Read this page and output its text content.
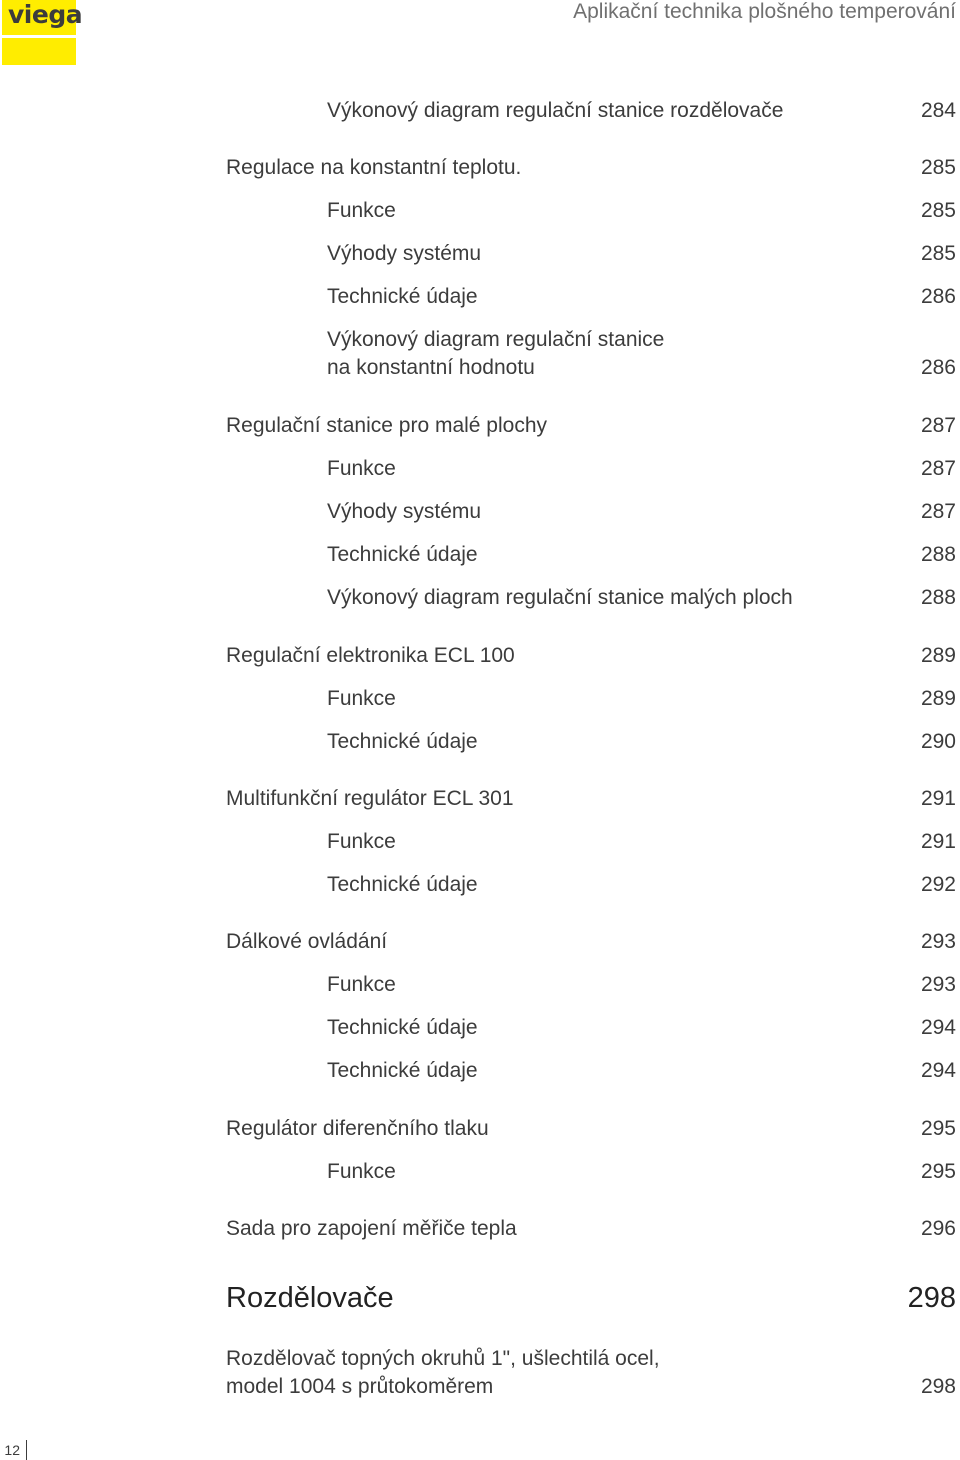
viega	Aplikační technika plošného temperování
Výkonový diagram regulační stanice rozdělovače	284
Regulace na konstantní teplotu.	285
Funkce	285
Výhody systému	285
Technické údaje	286
Výkonový diagram regulační stanice
na konstantní hodnotu	286
Regulační stanice pro malé plochy	287
Funkce	287
Výhody systému	287
Technické údaje	288
Výkonový diagram regulační stanice malých ploch	288
Regulační elektronika ECL 100	289
Funkce	289
Technické údaje	290
Multifunkční regulátor ECL 301	291
Funkce	291
Technické údaje	292
Dálkové ovládání	293
Funkce	293
Technické údaje	294
Technické údaje	294
Regulátor diferenčního tlaku	295
Funkce	295
Sada pro zapojení měřiče tepla	296
Rozdělovače	298
Rozdělovač topných okruhů 1", ušlechtilá ocel,
model 1004 s průtokoměrem	298
12
